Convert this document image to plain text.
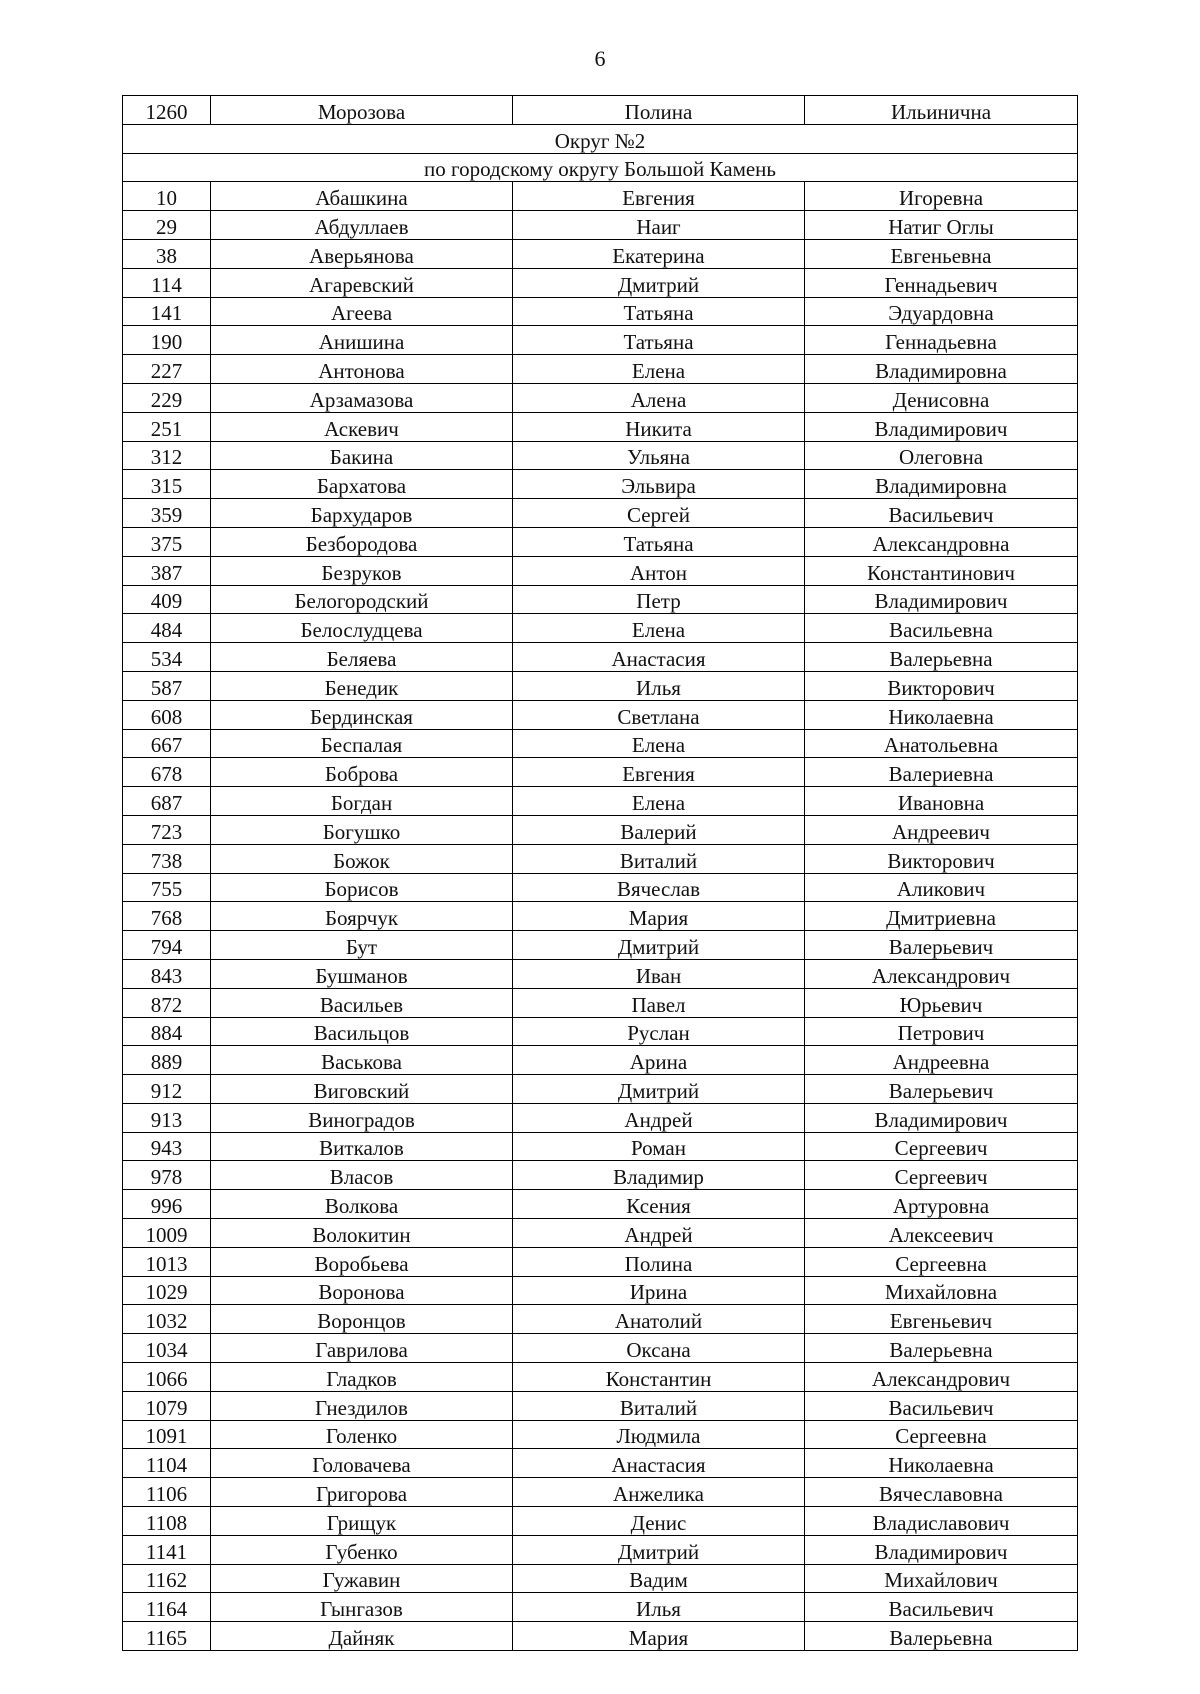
6
1260	Морозова	Полина	Ильинична
Округ №2			
по городскому округу Большой Камень			
10	Абашкина	Евгения	Игоревна
29	Абдуллаев	Наиг	Натиг Оглы
38	Аверьянова	Екатерина	Евгеньевна
114	Агаревский	Дмитрий	Геннадьевич
141	Агеева	Татьяна	Эдуардовна
190	Анишина	Татьяна	Геннадьевна
227	Антонова	Елена	Владимировна
229	Арзамазова	Алена	Денисовна
251	Аскевич	Никита	Владимирович
312	Бакина	Ульяна	Олеговна
315	Бархатова	Эльвира	Владимировна
359	Бархударов	Сергей	Васильевич
375	Безбородова	Татьяна	Александровна
387	Безруков	Антон	Константинович
409	Белогородский	Петр	Владимирович
484	Белослудцева	Елена	Васильевна
534	Беляева	Анастасия	Валерьевна
587	Бенедик	Илья	Викторович
608	Бердинская	Светлана	Николаевна
667	Беспалая	Елена	Анатольевна
678	Боброва	Евгения	Валериевна
687	Богдан	Елена	Ивановна
723	Богушко	Валерий	Андреевич
738	Божок	Виталий	Викторович
755	Борисов	Вячеслав	Аликович
768	Боярчук	Мария	Дмитриевна
794	Бут	Дмитрий	Валерьевич
843	Бушманов	Иван	Александрович
872	Васильев	Павел	Юрьевич
884	Васильцов	Руслан	Петрович
889	Васькова	Арина	Андреевна
912	Виговский	Дмитрий	Валерьевич
913	Виноградов	Андрей	Владимирович
943	Виткалов	Роман	Сергеевич
978	Власов	Владимир	Сергеевич
996	Волкова	Ксения	Артуровна
1009	Волокитин	Андрей	Алексеевич
1013	Воробьева	Полина	Сергеевна
1029	Воронова	Ирина	Михайловна
1032	Воронцов	Анатолий	Евгеньевич
1034	Гаврилова	Оксана	Валерьевна
1066	Гладков	Константин	Александрович
1079	Гнездилов	Виталий	Васильевич
1091	Голенко	Людмила	Сергеевна
1104	Головачева	Анастасия	Николаевна
1106	Григорова	Анжелика	Вячеславовна
1108	Грищук	Денис	Владиславович
1141	Губенко	Дмитрий	Владимирович
1162	Гужавин	Вадим	Михайлович
1164	Гынгазов	Илья	Васильевич
1165	Дайняк	Мария	Валерьевна
